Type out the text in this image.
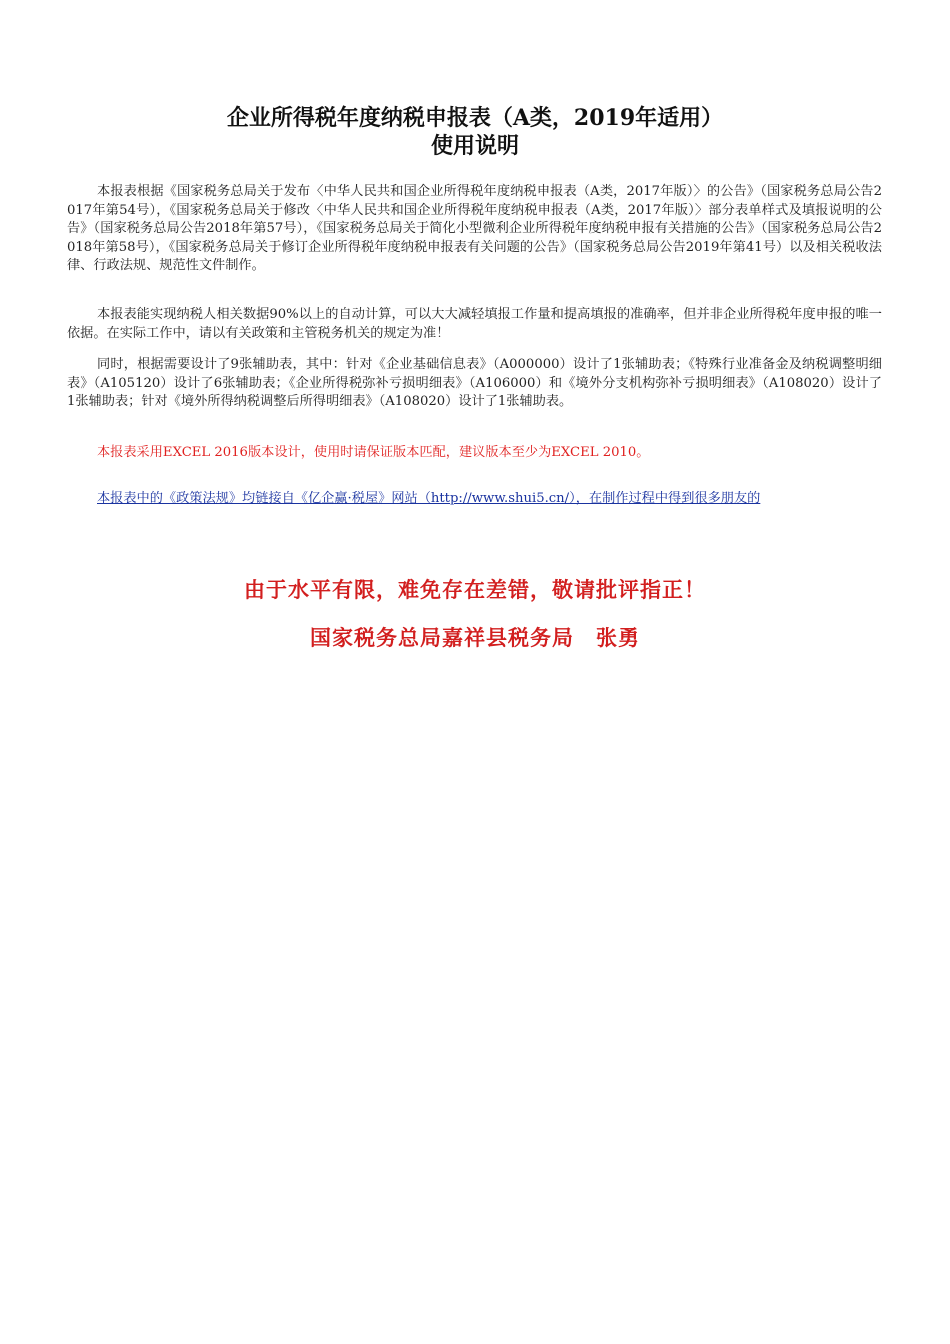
企业所得税年度纳税申报表（A类，2019年适用）
使用说明
本报表根据《国家税务总局关于发布〈中华人民共和国企业所得税年度纳税申报表（A类，2017年版）〉的公告》（国家税务总局公告2017年第54号），《国家税务总局关于修改〈中华人民共和国企业所得税年度纳税申报表（A类，2017年版）〉部分表单样式及填报说明的公告》（国家税务总局公告2018年第57号），《国家税务总局关于简化小型微利企业所得税年度纳税申报有关措施的公告》（国家税务总局公告2018年第58号），《国家税务总局关于修订企业所得税年度纳税申报表有关问题的公告》（国家税务总局公告2019年第41号）以及相关税收法律、行政法规、规范性文件制作。
本报表能实现纳税人相关数据90%以上的自动计算，可以大大减轻填报工作量和提高填报的准确率，但并非企业所得税年度申报的唯一依据。在实际工作中，请以有关政策和主管税务机关的规定为准！
同时，根据需要设计了9张辅助表，其中：针对《企业基础信息表》（A000000）设计了1张辅助表；《特殊行业准备金及纳税调整明细表》（A105120）设计了6张辅助表；《企业所得税弥补亏损明细表》（A106000）和《境外分支机构弥补亏损明细表》（A108020）设计了1张辅助表；针对《境外所得纳税调整后所得明细表》（A108020）设计了1张辅助表。
本报表采用EXCEL 2016版本设计，使用时请保证版本匹配，建议版本至少为EXCEL 2010。
本报表中的《政策法规》均链接自《亿企赢·税屋》网站（http://www.shui5.cn/），在制作过程中得到很多朋友的
由于水平有限，难免存在差错，敬请批评指正！
国家税务总局嘉祥县税务局　张勇
